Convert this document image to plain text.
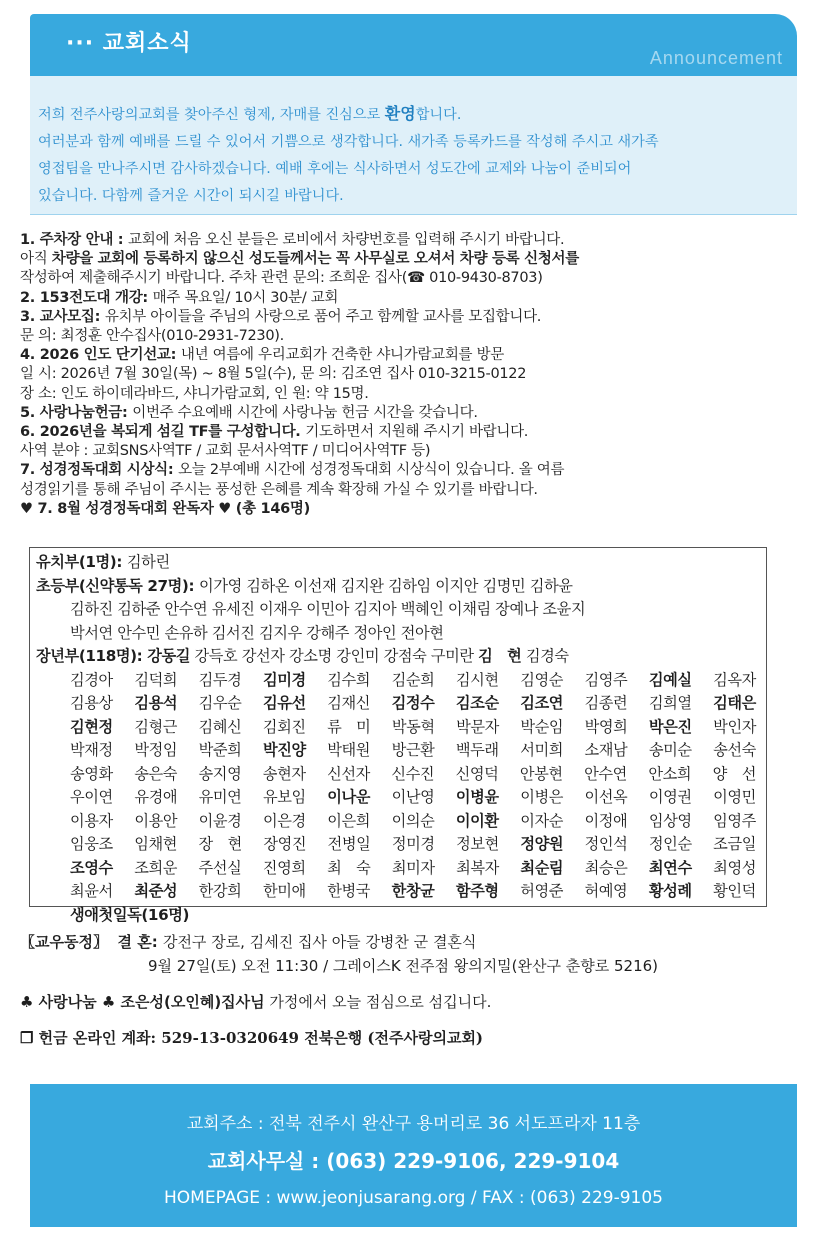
··· 교회소식
Announcement
저희 전주사랑의교회를 찾아주신 형제, 자매를 진심으로 환영합니다.
여러분과 함께 예배를 드릴 수 있어서 기쁨으로 생각합니다. 새가족 등록카드를 작성해 주시고 새가족
영접팀을 만나주시면 감사하겠습니다. 예배 후에는 식사하면서 성도간에 교제와 나눔이 준비되어
있습니다. 다함께 즐거운 시간이 되시길 바랍니다.
1. 주차장 안내 : 교회에 처음 오신 분들은 로비에서 차량번호를 입력해 주시기 바랍니다.
아직 차량을 교회에 등록하지 않으신 성도들께서는 꼭 사무실로 오셔서 차량 등록 신청서를
작성하여 제출해주시기 바랍니다. 주차 관련 문의: 조희운 집사(☎ 010-9430-8703)
2. 153전도대 개강: 매주 목요일/ 10시 30분/ 교회
3. 교사모집: 유치부 아이들을 주님의 사랑으로 품어 주고 함께할 교사를 모집합니다.
문 의: 최정훈 안수집사(010-2931-7230).
4. 2026 인도 단기선교: 내년 여름에 우리교회가 건축한 샤니가람교회를 방문
일 시: 2026년 7월 30일(목) ~ 8월 5일(수), 문 의: 김조연 집사 010-3215-0122
장 소: 인도 하이데라바드, 샤니가람교회, 인 원: 약 15명.
5. 사랑나눔헌금: 이번주 수요예배 시간에 사랑나눔 헌금 시간을 갖습니다.
6. 2026년을 복되게 섬길 TF를 구성합니다. 기도하면서 지원해 주시기 바랍니다.
사역 분야 : 교회SNS사역TF / 교회 문서사역TF / 미디어사역TF 등)
7. 성경정독대회 시상식: 오늘 2부예배 시간에 성경정독대회 시상식이 있습니다. 올 여름
성경읽기를 통해 주님이 주시는 풍성한 은혜를 계속 확장해 가실 수 있기를 바랍니다.
♥ 7. 8월 성경정독대회 완독자 ♥ (총 146명)
유치부(1명): 김하린
초등부(신약통독 27명): 이가영 김하온 이선재 김지완 김하임 이지안 김명민 김하윤
김하진 김하준 안수연 유세진 이재우 이민아 김지아 백혜인 이채림 장예나 조윤지
박서연 안수민 손유하 김서진 김지우 강해주 정아인 전아현
장년부(118명): 강동길 강득호 강선자 강소명 강인미 강점숙 구미란 김　현 김경숙
김경아 김덕희 김두경 김미경 김수희 김순희 김시현 김영순 김영주 김예실 김옥자
김용상 김용석 김우순 김유선 김재신 김정수 김조순 김조연 김종련 김희열 김태은
김현정 김형근 김혜신 김회진 류　미 박동혁 박문자 박순임 박영희 박은진 박인자
박재정 박정임 박준희 박진양 박태원 방근환 백두래 서미희 소재남 송미순 송선숙
송영화 송은숙 송지영 송현자 신선자 신수진 신영덕 안봉현 안수연 안소희 양　선
우이연 유경애 유미연 유보임 이나운 이난영 이병윤 이병은 이선옥 이영권 이영민
이용자 이용안 이윤경 이은경 이은희 이의순 이이환 이자순 이정애 임상영 임영주
임웅조 임채현 장　현 장영진 전병일 정미경 정보현 정양원 정인석 정인순 조금일
조영수 조희운 주선실 진영희 최　숙 최미자 최복자 최순림 최승은 최연수 최영성
최윤서 최준성 한강희 한미애 한병국 한창균 함주형 허영준 허예영 황성례 황인덕
생애첫일독(16명)
〖교우동정〗 결 혼: 강전구 장로, 김세진 집사 아들 강병찬 군 결혼식
9월 27일(토) 오전 11:30 / 그레이스K 전주점 왕의지밀(완산구 춘향로 5216)
♣ 사랑나눔 ♣ 조은성(오인혜)집사님 가정에서 오늘 점심으로 섬깁니다.
❒ 헌금 온라인 계좌: 529-13-0320649 전북은행 (전주사랑의교회)
교회주소 : 전북 전주시 완산구 용머리로 36 서도프라자 11층
교회사무실 : (063) 229-9106, 229-9104
HOMEPAGE : www.jeonjusarang.org / FAX : (063) 229-9105
